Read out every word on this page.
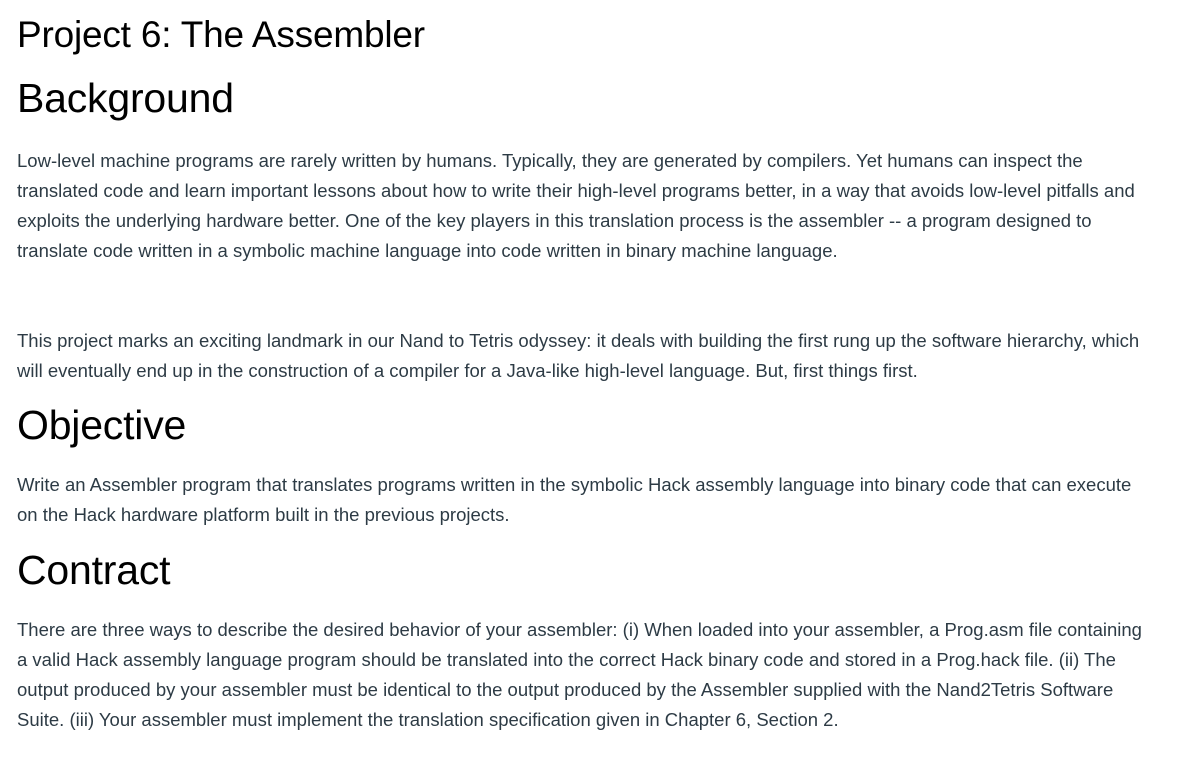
Project 6: The Assembler
Background

Low-level machine programs are rarely written by humans. Typically, they are generated by compilers. Yet humans can inspect the translated code and learn important lessons about how to write their high-level programs better, in a way that avoids low-level pitfalls and exploits the underlying hardware better. One of the key players in this translation process is the assembler -- a program designed to translate code written in a symbolic machine language into code written in binary machine language.

This project marks an exciting landmark in our Nand to Tetris odyssey: it deals with building the first rung up the software hierarchy, which will eventually end up in the construction of a compiler for a Java-like high-level language. But, first things first.

Objective

Write an Assembler program that translates programs written in the symbolic Hack assembly language into binary code that can execute on the Hack hardware platform built in the previous projects.

Contract

There are three ways to describe the desired behavior of your assembler: (i) When loaded into your assembler, a Prog.asm file containing a valid Hack assembly language program should be translated into the correct Hack binary code and stored in a Prog.hack file. (ii) The output produced by your assembler must be identical to the output produced by the Assembler supplied with the Nand2Tetris Software Suite. (iii) Your assembler must implement the translation specification given in Chapter 6, Section 2.
